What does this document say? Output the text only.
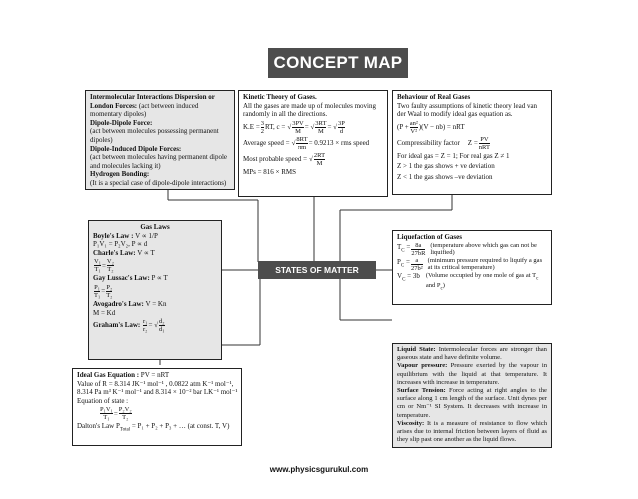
CONCEPT MAP
Intermolecular Interactions Dispersion or London Forces: (act between induced momentary dipoles)
Dipole-Dipole Force:
(act between molecules possessing permanent dipoles)
Dipole-Induced Dipole Forces:
(act between molecules having permanent dipole and molecules lacking it)
Hydrogen Bonding:
(It is a special case of dipole-dipole interactions)
Kinetic Theory of Gases.
All the gases are made up of molecules moving randomly in all the directions.
$K.E = \frac{3}{2}$ RT, c = √ $\frac{3PV}{M}$ = √ $\frac{3RT}{M}$ = √ $\frac{3P}{d}$
Average speed = √ $\frac{8RT}{\pi m} = 0.9213$ × rms speed
Most probable speed = √ $\frac{2RT}{M}$
MPs = 816 × RMS
Behaviour of Real Gases
Two faulty assumptions of kinetic theory lead van der Waal to modify ideal gas equation as.
( $P + \frac{\text{an²}}{\text{V²}}$ ) (V − nb) = nRT
Compressibility factor $Z = \frac{PV}{\text{nRT}}$
For ideal gas = Z = 1; For real gas Z ≠ 1
Z > 1 the gas shows + ve deviation
Z < 1 the gas shows –ve deviation
Gas Laws
Boyle's Law : V ∝ 1/P
P₁V₁ = P₂V₂, P ∝ d
Charle's Law: V ∝ T
$\frac{\text{V₁}}{\text{T₁}} = \frac{\text{V₂}}{\text{T₂}}$
Gay Lussac's Law: P ∝ T
$\frac{\text{P₁}}{\text{T₁}} = \frac{\text{P₂}}{\text{T₂}}$
Avogadro's Law: V = Kn
M = Kd
Graham's Law:
$\frac{\text{r₁}}{\text{r₂}}$ = √ $\frac{\text{d₂}}{\text{d₁}}$
STATES OF MATTER
Liquefaction of Gases
$T_C = \frac{8a}{27bR}$ (temperature above which gas can not be liquified)
$P_C = \frac{a}{\text{27b²}}$ (minimum pressure required to liquify a gas at its critical temperature)
$V_C = 3b$ (Volume occupied by one mole of gas at $T_c$ and $P_c$)
Ideal Gas Equation : PV = nRT
Value of R = 8.314 JK⁻¹ mol⁻¹ , 0.0822 atm K⁻¹ mol⁻¹,
8.314 Pa m³ K⁻¹ mol⁻¹ and 8.314 × 10⁻² bar LK⁻¹ mol⁻¹
Equation of state :
$\frac{\text{P₁V₁}}{\text{T₁}} = \frac{\text{P₂V₂}}{\text{T₂}}$
Dalton's Law $P_{Total} = P_1 + P_2 + P_3$ + … (at const. T, V)
Liquid State: Intermolecular forces are stronger than gaseous state and have definite volume.
Vapour pressure: Pressure exerted by the vapour in equilibrium with the liquid at that temperature. It increases with increase in temperature.
Surface Tension: Force acting at right angles to the surface along 1 cm length of the surface. Unit dynes per cm or Nm⁻¹ SI System. It decreases with increase in temperature.
Viscosity: It is a measure of resistance to flow which arises due to internal friction between layers of fluid as they slip past one another as the liquid flows.
www.physicsgurukul.com
